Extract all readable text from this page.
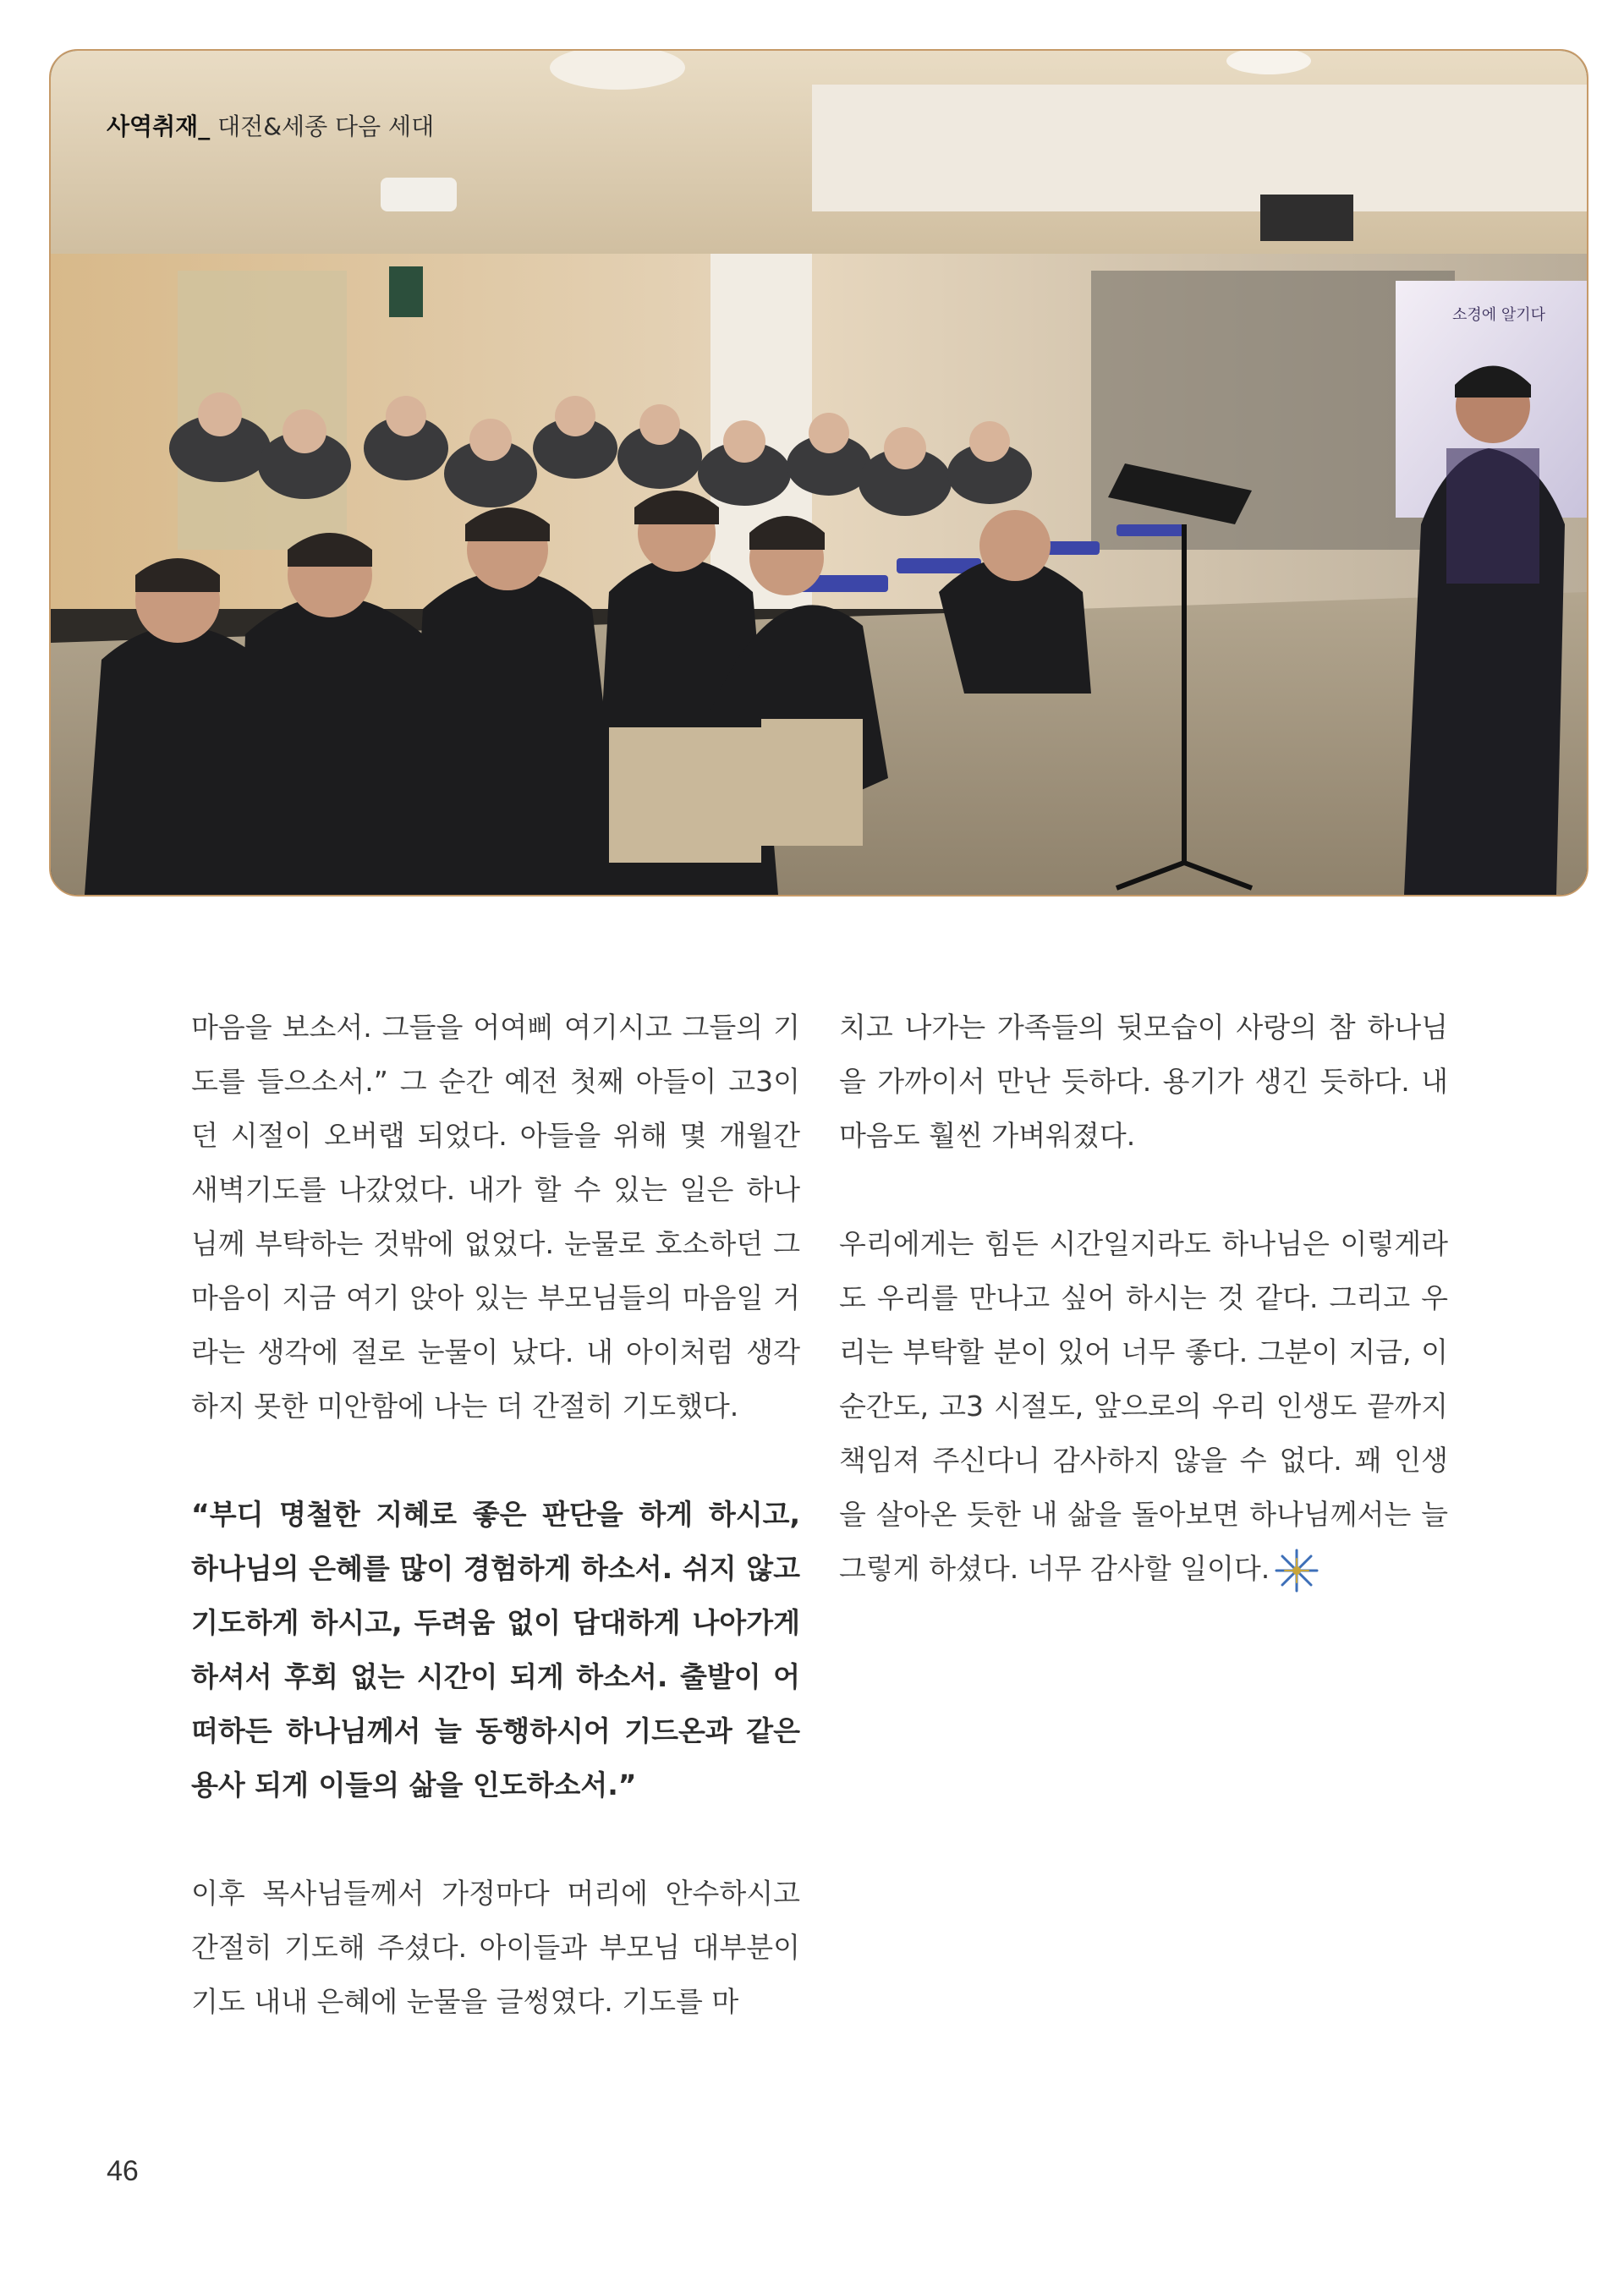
소경에 알기다
사역취재_ 대전&세종 다음 세대

마음을 보소서. 그들을 어여삐 여기시고 그들의 기도를 들으소서.” 그 순간 예전 첫째 아들이 고3이던 시절이 오버랩 되었다. 아들을 위해 몇 개월간 새벽기도를 나갔었다. 내가 할 수 있는 일은 하나님께 부탁하는 것밖에 없었다. 눈물로 호소하던 그 마음이 지금 여기 앉아 있는 부모님들의 마음일 거라는 생각에 절로 눈물이 났다. 내 아이처럼 생각하지 못한 미안함에 나는 더 간절히 기도했다.

“부디 명철한 지혜로 좋은 판단을 하게 하시고, 하나님의 은혜를 많이 경험하게 하소서. 쉬지 않고 기도하게 하시고, 두려움 없이 담대하게 나아가게 하셔서 후회 없는 시간이 되게 하소서. 출발이 어떠하든 하나님께서 늘 동행하시어 기드온과 같은 용사 되게 이들의 삶을 인도하소서.”

이후 목사님들께서 가정마다 머리에 안수하시고 간절히 기도해 주셨다. 아이들과 부모님 대부분이 기도 내내 은혜에 눈물을 글썽였다. 기도를 마

치고 나가는 가족들의 뒷모습이 사랑의 참 하나님을 가까이서 만난 듯하다. 용기가 생긴 듯하다. 내 마음도 훨씬 가벼워졌다.

우리에게는 힘든 시간일지라도 하나님은 이렇게라도 우리를 만나고 싶어 하시는 것 같다. 그리고 우리는 부탁할 분이 있어 너무 좋다. 그분이 지금, 이 순간도, 고3 시절도, 앞으로의 우리 인생도 끝까지 책임져 주신다니 감사하지 않을 수 없다. 꽤 인생을 살아온 듯한 내 삶을 돌아보면 하나님께서는 늘 그렇게 하셨다. 너무 감사할 일이다.

46
